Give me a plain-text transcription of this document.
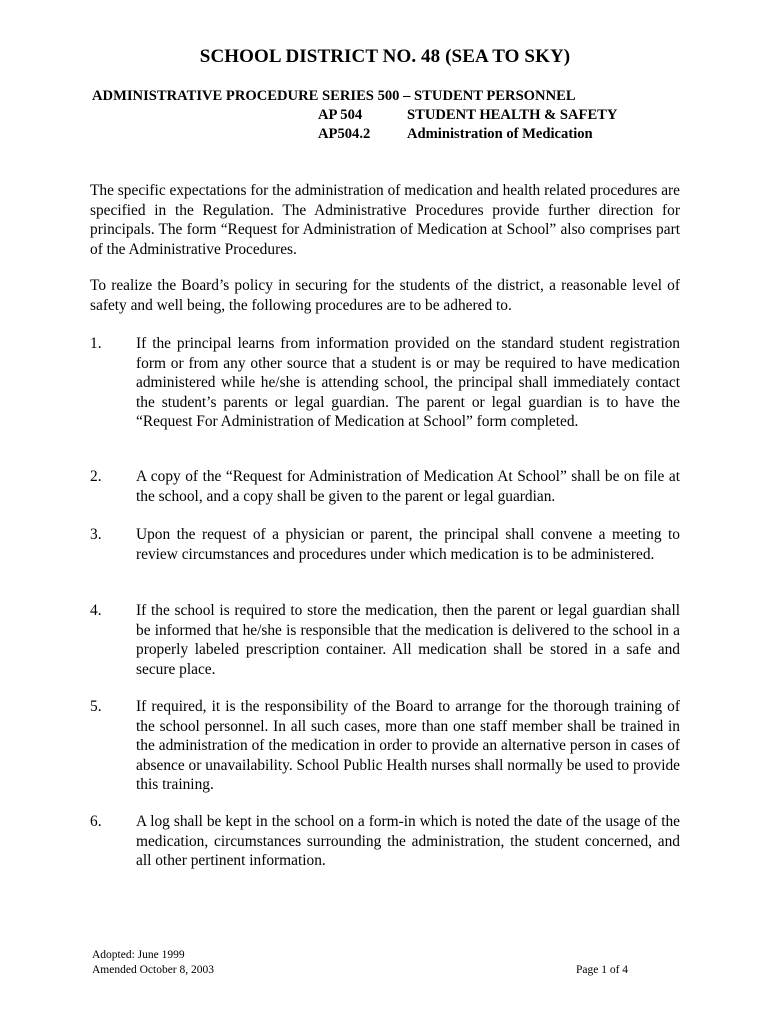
SCHOOL DISTRICT NO. 48 (SEA TO SKY)
ADMINISTRATIVE PROCEDURE SERIES 500 – STUDENT PERSONNEL
AP 504	STUDENT HEALTH & SAFETY
AP504.2	Administration of Medication
The specific expectations for the administration of medication and health related procedures are specified in the Regulation. The Administrative Procedures provide further direction for principals. The form “Request for Administration of Medication at School” also comprises part of the Administrative Procedures.
To realize the Board’s policy in securing for the students of the district, a reasonable level of safety and well being, the following procedures are to be adhered to.
1. If the principal learns from information provided on the standard student registration form or from any other source that a student is or may be required to have medication administered while he/she is attending school, the principal shall immediately contact the student’s parents or legal guardian. The parent or legal guardian is to have the “Request For Administration of Medication at School” form completed.
2. A copy of the “Request for Administration of Medication At School” shall be on file at the school, and a copy shall be given to the parent or legal guardian.
3. Upon the request of a physician or parent, the principal shall convene a meeting to review circumstances and procedures under which medication is to be administered.
4. If the school is required to store the medication, then the parent or legal guardian shall be informed that he/she is responsible that the medication is delivered to the school in a properly labeled prescription container. All medication shall be stored in a safe and secure place.
5. If required, it is the responsibility of the Board to arrange for the thorough training of the school personnel. In all such cases, more than one staff member shall be trained in the administration of the medication in order to provide an alternative person in cases of absence or unavailability. School Public Health nurses shall normally be used to provide this training.
6. A log shall be kept in the school on a form-in which is noted the date of the usage of the medication, circumstances surrounding the administration, the student concerned, and all other pertinent information.
Adopted: June 1999
Amended October 8, 2003	Page 1 of 4
